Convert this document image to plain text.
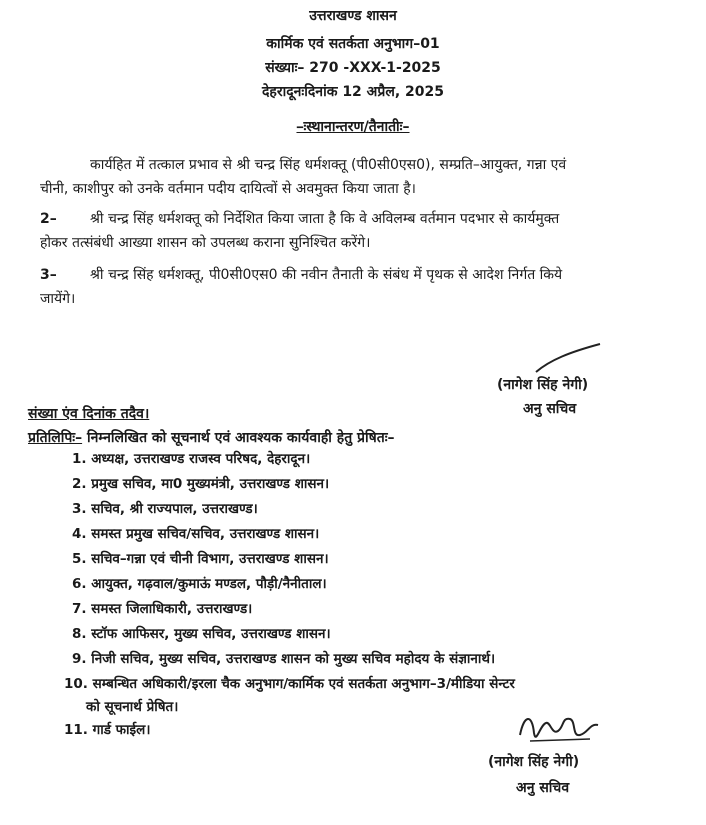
उत्तराखण्ड शासन
कार्मिक एवं सतर्कता अनुभाग–01
संख्याः– 270 -XXX-1-2025
देहरादूनःदिनांक 12 अप्रैल, 2025
–ःस्थानान्तरण/तैनातीः–
कार्यहित में तत्काल प्रभाव से श्री चन्द्र सिंह धर्मशक्तू (पी0सी0एस0), सम्प्रति–आयुक्त, गन्ना एवं
चीनी, काशीपुर को उनके वर्तमान पदीय दायित्वों से अवमुक्त किया जाता है।
2– श्री चन्द्र सिंह धर्मशक्तू को निर्देशित किया जाता है कि वे अविलम्ब वर्तमान पदभार से कार्यमुक्त
होकर तत्संबंधी आख्या शासन को उपलब्ध कराना सुनिश्चित करेंगे।
3– श्री चन्द्र सिंह धर्मशक्तू, पी0सी0एस0 की नवीन तैनाती के संबंध में पृथक से आदेश निर्गत किये
जायेंगे।
(नागेश सिंह नेगी)
अनु सचिव
संख्या एंव दिनांक तदैव।
प्रतिलिपिः– निम्नलिखित को सूचनार्थ एवं आवश्यक कार्यवाही हेतु प्रेषितः–
1. अध्यक्ष, उत्तराखण्ड राजस्व परिषद, देहरादून।
2. प्रमुख सचिव, मा0 मुख्यमंत्री, उत्तराखण्ड शासन।
3. सचिव, श्री राज्यपाल, उत्तराखण्ड।
4. समस्त प्रमुख सचिव/सचिव, उत्तराखण्ड शासन।
5. सचिव–गन्ना एवं चीनी विभाग, उत्तराखण्ड शासन।
6. आयुक्त, गढ़वाल/कुमाऊं मण्डल, पौड़ी/नैनीताल।
7. समस्त जिलाधिकारी, उत्तराखण्ड।
8. स्टॉफ आफिसर, मुख्य सचिव, उत्तराखण्ड शासन।
9. निजी सचिव, मुख्य सचिव, उत्तराखण्ड शासन को मुख्य सचिव महोदय के संज्ञानार्थ।
10. सम्बन्धित अधिकारी/इरला चैक अनुभाग/कार्मिक एवं सतर्कता अनुभाग–3/मीडिया सेन्टर
को सूचनार्थ प्रेषित।
11. गार्ड फाईल।
(नागेश सिंह नेगी)
अनु सचिव
